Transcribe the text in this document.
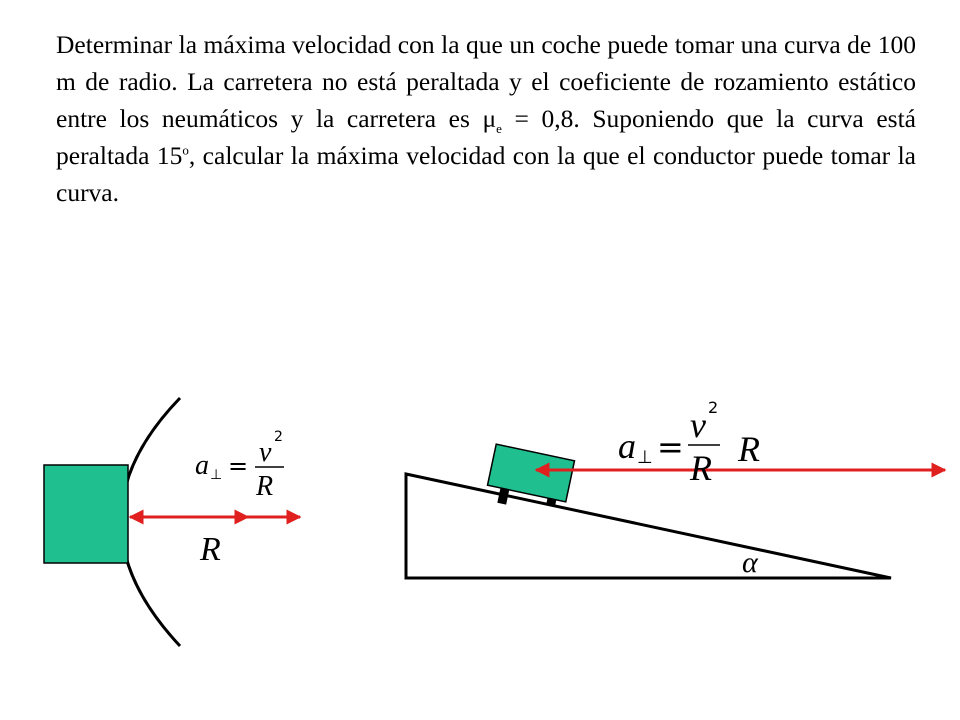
Determinar la máxima velocidad con la que un coche puede tomar una curva de 100 m de radio. La carretera no está peraltada y el coeficiente de rozamiento estático entre los neumáticos y la carretera es $\mu_e = 0,8$. Suponiendo que la curva está peraltada 15$^o$, calcular la máxima velocidad con la que el conductor puede tomar la curva.

a ⊥ = v 2
R
R
a ⊥ =
v 2
R R
α
